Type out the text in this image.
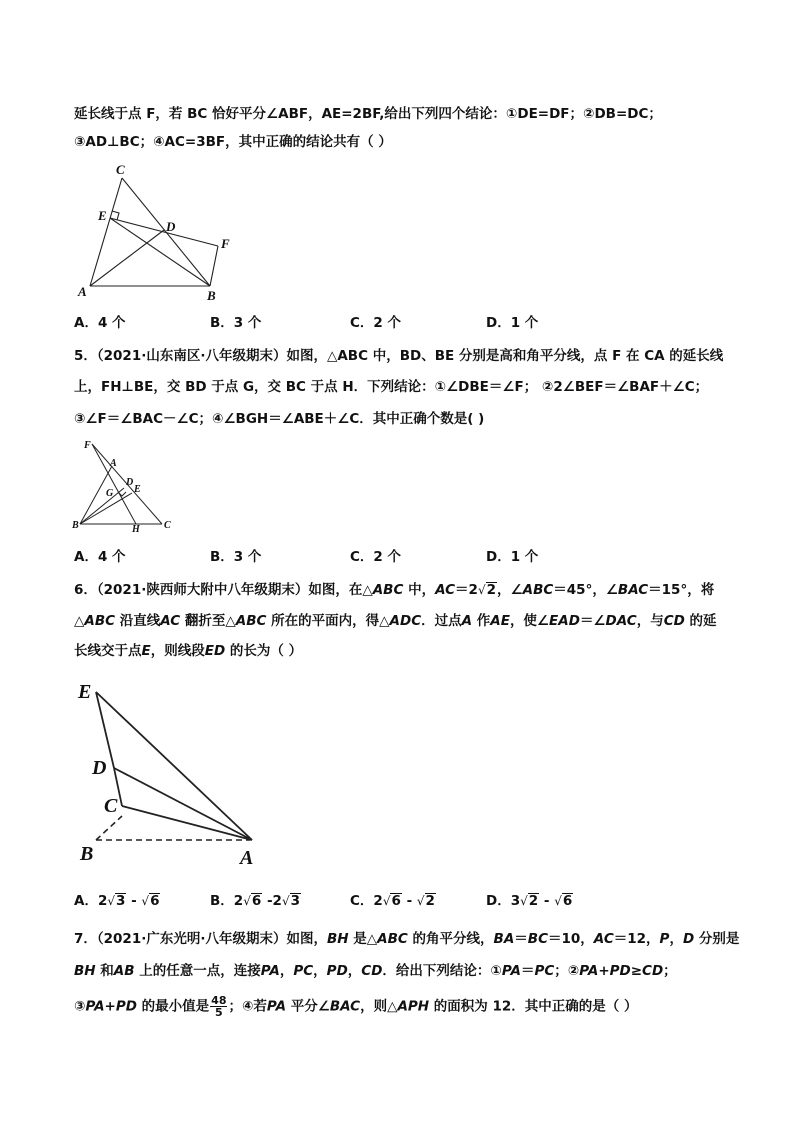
延长线于点 F，若 BC 恰好平分∠ABF，AE=2BF,给出下列四个结论：①DE=DF；②DB=DC；
③AD⊥BC；④AC=3BF，其中正确的结论共有（ ）
C
E
D
F
A	B
A．4 个	B．3 个	C．2 个	D．1 个
5．（2021·山东南区·八年级期末）如图，△ABC 中，BD、BE 分别是高和角平分线，点 F 在 CA 的延长线
上，FH⊥BE，交 BD 于点 G，交 BC 于点 H．下列结论：①∠DBE＝∠F； ②2∠BEF＝∠BAF＋∠C；
③∠F＝∠BAC－∠C；④∠BGH＝∠ABE＋∠C．其中正确个数是( )
F
A
D
G E
B	H C
A．4 个	B．3 个	C．2 个	D．1 个
6．（2021·陕西师大附中八年级期末）如图，在△ABC 中，AC＝2√2，∠ABC＝45°，∠BAC＝15°，将
△ABC 沿直线AC 翻折至△ABC 所在的平面内，得△ADC．过点A 作AE，使∠EAD＝∠DAC，与CD 的延
长线交于点E，则线段ED 的长为（ ）
E
D
C
B	A
A．2√3 - √6	B．2√6 -2√3	C．2√6 - √2	D．3√2 - √6
7．（2021·广东光明·八年级期末）如图，BH 是△ABC 的角平分线，BA＝BC＝10，AC＝12，P，D 分别是
BH 和AB 上的任意一点，连接PA，PC，PD，CD．给出下列结论：①PA＝PC；②PA+PD≥CD；
③PA+PD 的最小值是 $\frac{48}{5}$ ；④若PA 平分∠BAC，则△APH 的面积为 12．其中正确的是（ ）
